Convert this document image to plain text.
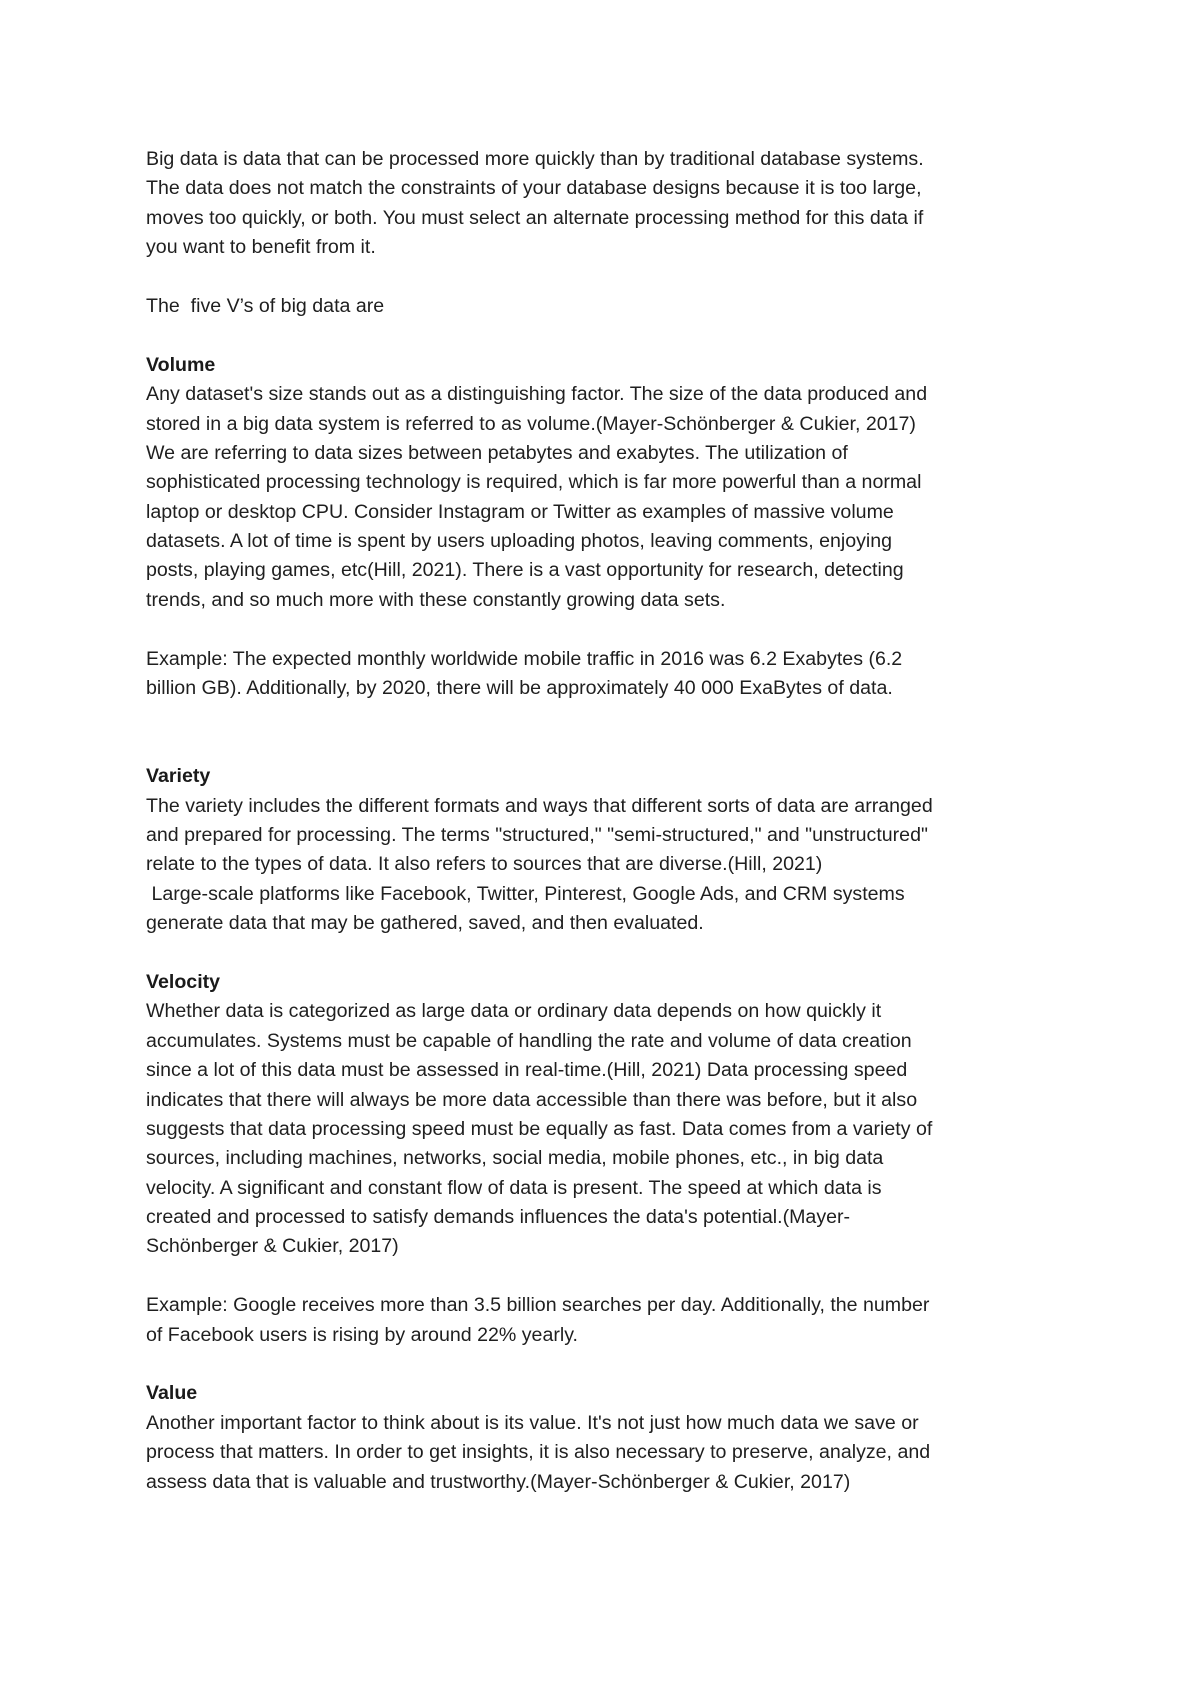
Big data is data that can be processed more quickly than by traditional database systems.
The data does not match the constraints of your database designs because it is too large,
moves too quickly, or both. You must select an alternate processing method for this data if
you want to benefit from it.
The  five V’s of big data are
Volume
Any dataset's size stands out as a distinguishing factor. The size of the data produced and
stored in a big data system is referred to as volume.(Mayer-Schönberger & Cukier, 2017)
We are referring to data sizes between petabytes and exabytes. The utilization of
sophisticated processing technology is required, which is far more powerful than a normal
laptop or desktop CPU. Consider Instagram or Twitter as examples of massive volume
datasets. A lot of time is spent by users uploading photos, leaving comments, enjoying
posts, playing games, etc(Hill, 2021). There is a vast opportunity for research, detecting
trends, and so much more with these constantly growing data sets.
Example: The expected monthly worldwide mobile traffic in 2016 was 6.2 Exabytes (6.2
billion GB). Additionally, by 2020, there will be approximately 40 000 ExaBytes of data.
Variety
The variety includes the different formats and ways that different sorts of data are arranged
and prepared for processing. The terms "structured," "semi-structured," and "unstructured"
relate to the types of data. It also refers to sources that are diverse.(Hill, 2021)
Large-scale platforms like Facebook, Twitter, Pinterest, Google Ads, and CRM systems
generate data that may be gathered, saved, and then evaluated.
Velocity
Whether data is categorized as large data or ordinary data depends on how quickly it
accumulates. Systems must be capable of handling the rate and volume of data creation
since a lot of this data must be assessed in real-time.(Hill, 2021) Data processing speed
indicates that there will always be more data accessible than there was before, but it also
suggests that data processing speed must be equally as fast. Data comes from a variety of
sources, including machines, networks, social media, mobile phones, etc., in big data
velocity. A significant and constant flow of data is present. The speed at which data is
created and processed to satisfy demands influences the data's potential.(Mayer-
Schönberger & Cukier, 2017)
Example: Google receives more than 3.5 billion searches per day. Additionally, the number
of Facebook users is rising by around 22% yearly.
Value
Another important factor to think about is its value. It's not just how much data we save or
process that matters. In order to get insights, it is also necessary to preserve, analyze, and
assess data that is valuable and trustworthy.(Mayer-Schönberger & Cukier, 2017)
